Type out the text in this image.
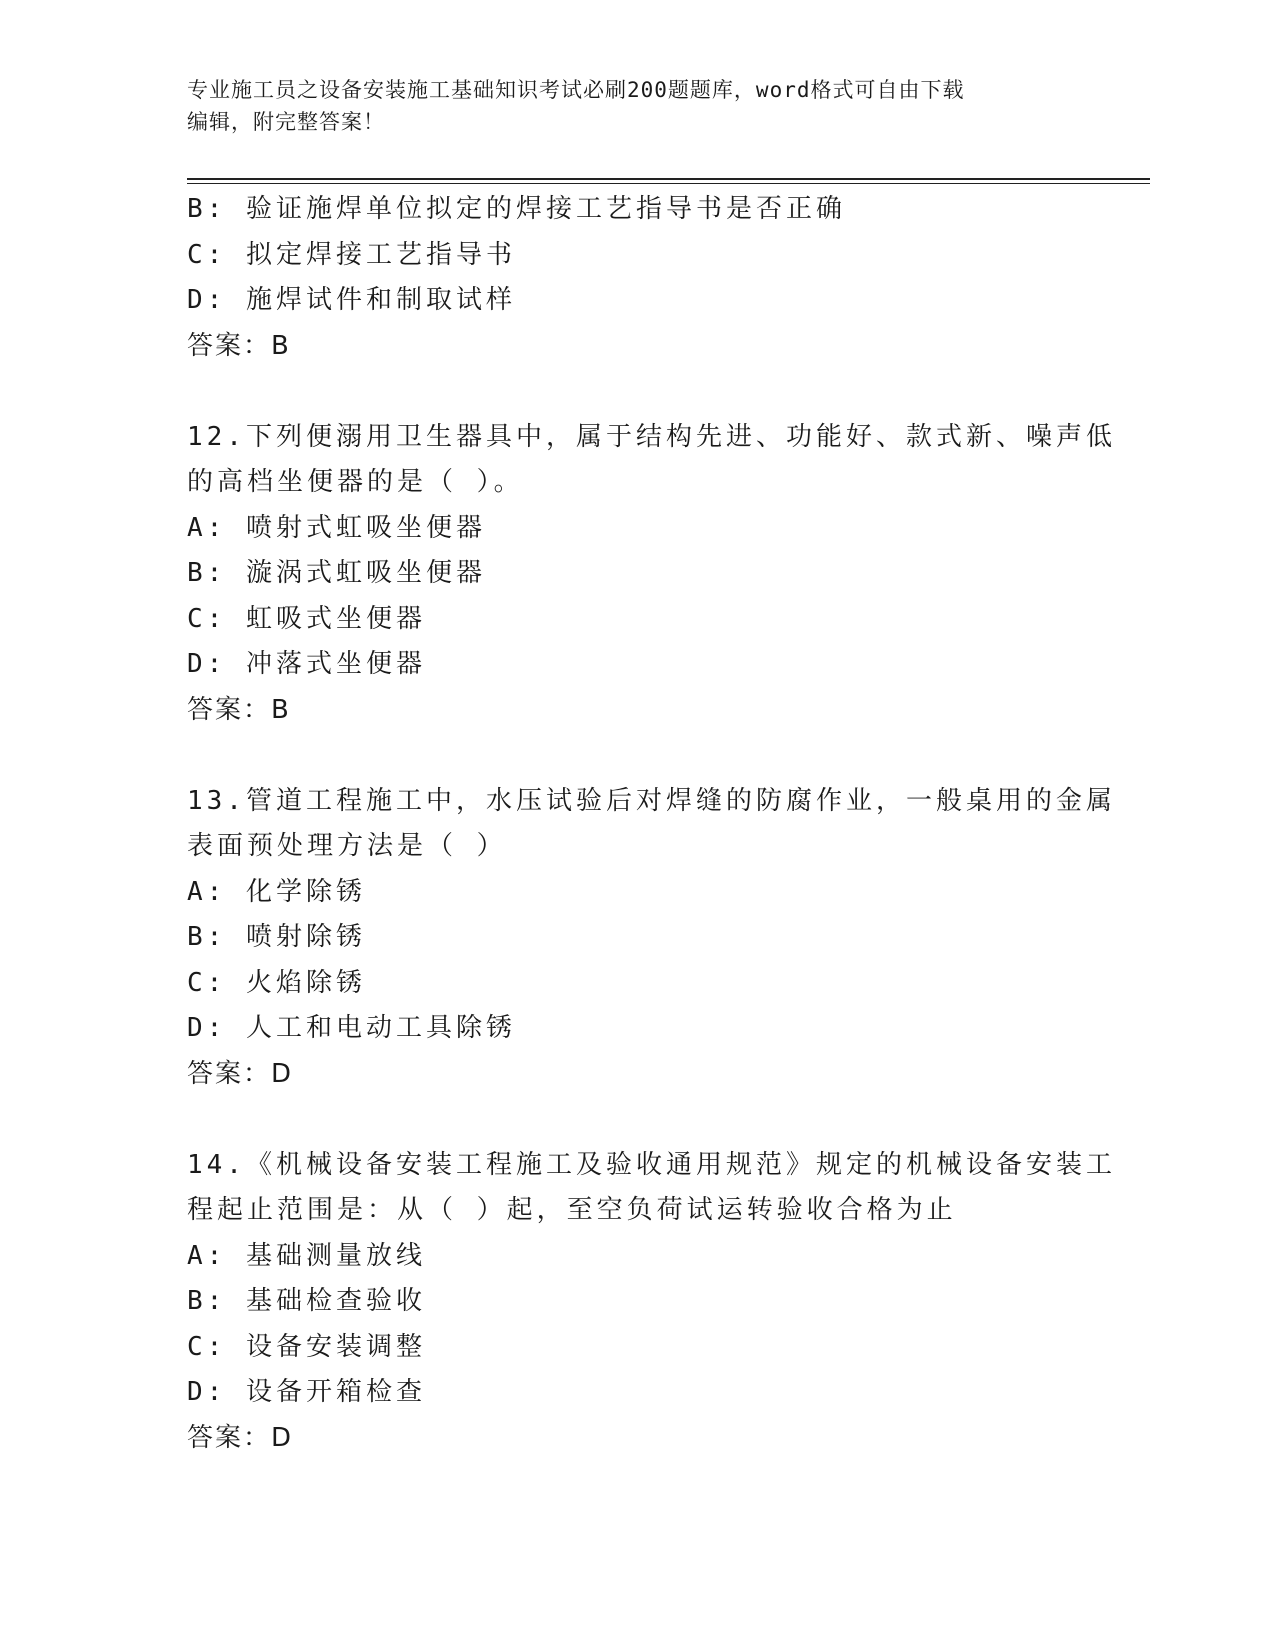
专业施工员之设备安装施工基础知识考试必刷200题题库，word格式可自由下载
编辑，附完整答案！
B: 验证施焊单位拟定的焊接工艺指导书是否正确
C: 拟定焊接工艺指导书
D: 施焊试件和制取试样
答案：B
12.下列便溺用卫生器具中，属于结构先进、功能好、款式新、噪声低
的高档坐便器的是（ ）。
A: 喷射式虹吸坐便器
B: 漩涡式虹吸坐便器
C: 虹吸式坐便器
D: 冲落式坐便器
答案：B
13.管道工程施工中，水压试验后对焊缝的防腐作业，一般桌用的金属
表面预处理方法是（ ）
A: 化学除锈
B: 喷射除锈
C: 火焰除锈
D: 人工和电动工具除锈
答案：D
14.《机械设备安装工程施工及验收通用规范》规定的机械设备安装工
程起止范围是：从（ ）起，至空负荷试运转验收合格为止
A: 基础测量放线
B: 基础检查验收
C: 设备安装调整
D: 设备开箱检查
答案：D
